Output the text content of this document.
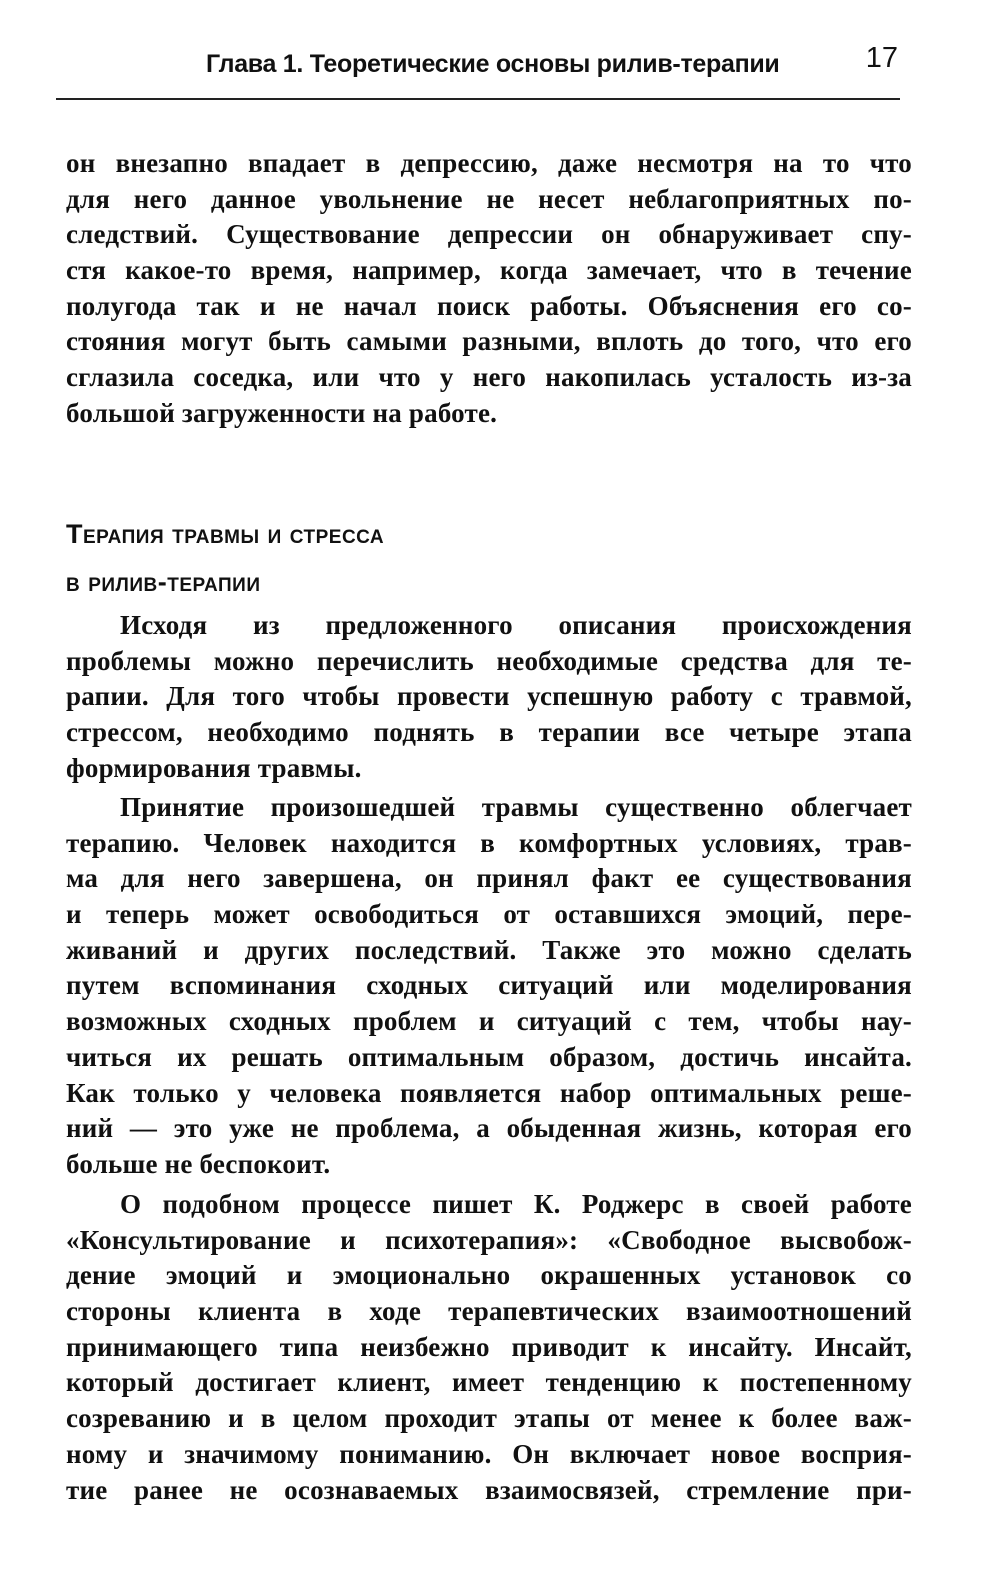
Глава 1. Теоретические основы рилив-терапии	17
он внезапно впадает в депрессию, даже несмотря на то что
для него данное увольнение не несет неблагоприятных по-
следствий. Существование депрессии он обнаруживает спу-
стя какое-то время, например, когда замечает, что в течение
полугода так и не начал поиск работы. Объяснения его со-
стояния могут быть самыми разными, вплоть до того, что его
сглазила соседка, или что у него накопилась усталость из-за
большой загруженности на работе.
Терапия травмы и стресса
в рилив-терапии
Исходя из предложенного описания происхождения
проблемы можно перечислить необходимые средства для те-
рапии. Для того чтобы провести успешную работу с травмой,
стрессом, необходимо поднять в терапии все четыре этапа
формирования травмы.
Принятие произошедшей травмы существенно облегчает
терапию. Человек находится в комфортных условиях, трав-
ма для него завершена, он принял факт ее существования
и теперь может освободиться от оставшихся эмоций, пере-
живаний и других последствий. Также это можно сделать
путем вспоминания сходных ситуаций или моделирования
возможных сходных проблем и ситуаций с тем, чтобы нау-
читься их решать оптимальным образом, достичь инсайта.
Как только у человека появляется набор оптимальных реше-
ний — это уже не проблема, а обыденная жизнь, которая его
больше не беспокоит.
О подобном процессе пишет К. Роджерс в своей работе
«Консультирование и психотерапия»: «Свободное высвобож-
дение эмоций и эмоционально окрашенных установок со
стороны клиента в ходе терапевтических взаимоотношений
принимающего типа неизбежно приводит к инсайту. Инсайт,
который достигает клиент, имеет тенденцию к постепенному
созреванию и в целом проходит этапы от менее к более важ-
ному и значимому пониманию. Он включает новое восприя-
тие ранее не осознаваемых взаимосвязей, стремление при-
